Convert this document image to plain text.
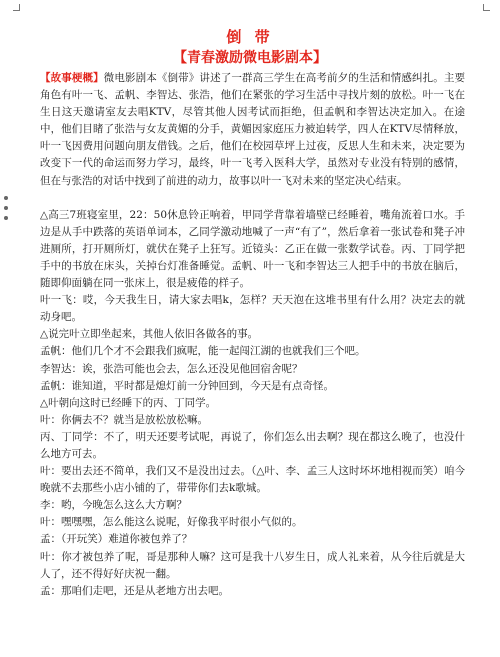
倒 带
【青春激励微电影剧本】

【故事梗概】微电影剧本《倒带》讲述了一群高三学生在高考前夕的生活和情感纠扎。主要角色有叶一飞、孟帆、李智达、张浩，他们在紧张的学习生活中寻找片刻的放松。叶一飞在生日这天邀请室友去唱KTV，尽管其他人因考试而拒绝，但孟帆和李智达决定加入。在途中，他们目睹了张浩与女友黄媚的分手，黄媚因家庭压力被迫转学，四人在KTV尽情释放，叶一飞因费用问题向朋友借钱。之后，他们在校园草坪上过夜，反思人生和未来，决定要为改变下一代的命运而努力学习，最终，叶一飞考入医科大学，虽然对专业没有特别的感情，但在与张浩的对话中找到了前进的动力，故事以叶一飞对未来的坚定决心结束。

△高三7班寝室里，22：50休息铃正响着，甲同学背靠着墙壁已经睡着，嘴角流着口水。手边是从手中跌落的英语单词本，乙同学激动地喊了一声“有了”，然后拿着一张试卷和凳子冲进厕所，打开厕所灯，就伏在凳子上狂写。近镜头：乙正在做一张数学试卷。丙、丁同学把手中的书放在床头，关掉台灯准备睡觉。孟帆、叶一飞和李智达三人把手中的书放在脑后，随即仰面躺在同一张床上，很是疲倦的样子。

叶一飞：哎，今天我生日，请大家去唱k，怎样？天天泡在这堆书里有什么用？决定去的就动身吧。

△说完叶立即坐起来，其他人依旧各做各的事。

孟帆：他们几个才不会跟我们疯呢，能一起闯江湖的也就我们三个吧。

李智达：诶，张浩可能也会去，怎么还没见他回宿舍呢？

孟帆：谁知道，平时都是熄灯前一分钟回到，今天是有点奇怪。

△叶朝向这时已经睡下的丙、丁同学。

叶：你俩去不？就当是放松放松嘛。

丙、丁同学：不了，明天还要考试呢，再说了，你们怎么出去啊？现在都这么晚了，也没什么地方可去。

叶：要出去还不简单，我们又不是没出过去。（△叶、李、孟三人这时坏坏地相视而笑）咱今晚就不去那些小店小铺的了，带带你们去k歌城。

李：哟，今晚怎么这么大方啊？

叶：嘿嘿嘿，怎么能这么说呢，好像我平时很小气似的。

孟：（开玩笑）难道你被包养了？

叶：你才被包养了呢，哥是那种人嘛？这可是我十八岁生日，成人礼来着，从今往后就是大人了，还不得好好庆祝一翻。

孟：那咱们走吧，还是从老地方出去吧。
